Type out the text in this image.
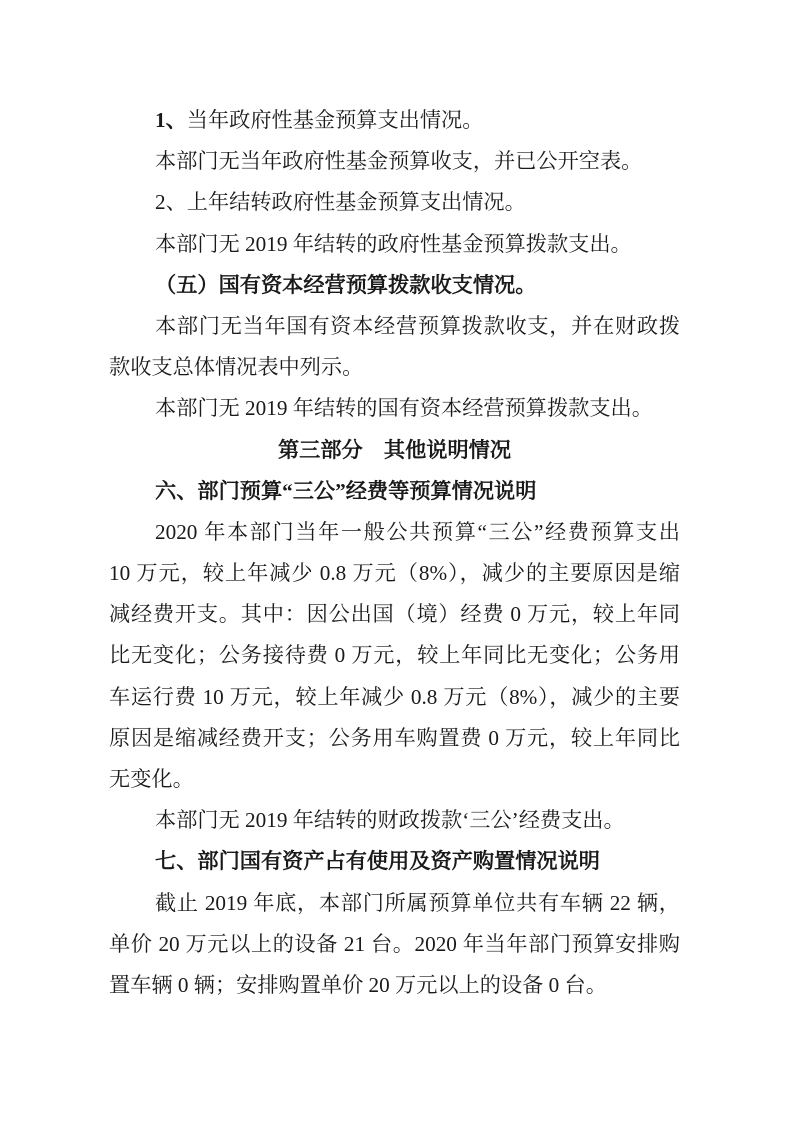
1、当年政府性基金预算支出情况。
本部门无当年政府性基金预算收支，并已公开空表。
2、上年结转政府性基金预算支出情况。
本部门无 2019 年结转的政府性基金预算拨款支出。
（五）国有资本经营预算拨款收支情况。
本部门无当年国有资本经营预算拨款收支，并在财政拨
款收支总体情况表中列示。
本部门无 2019 年结转的国有资本经营预算拨款支出。
第三部分　其他说明情况
六、部门预算“三公”经费等预算情况说明
2020 年本部门当年一般公共预算“三公”经费预算支出
10 万元，较上年减少 0.8 万元（8%），减少的主要原因是缩
减经费开支。其中：因公出国（境）经费 0 万元，较上年同
比无变化；公务接待费 0 万元，较上年同比无变化；公务用
车运行费 10 万元，较上年减少 0.8 万元（8%），减少的主要
原因是缩减经费开支；公务用车购置费 0 万元，较上年同比
无变化。
本部门无 2019 年结转的财政拨款‘三公’经费支出。
七、部门国有资产占有使用及资产购置情况说明
截止 2019 年底，本部门所属预算单位共有车辆 22 辆，
单价 20 万元以上的设备 21 台。2020 年当年部门预算安排购
置车辆 0 辆；安排购置单价 20 万元以上的设备 0 台。
